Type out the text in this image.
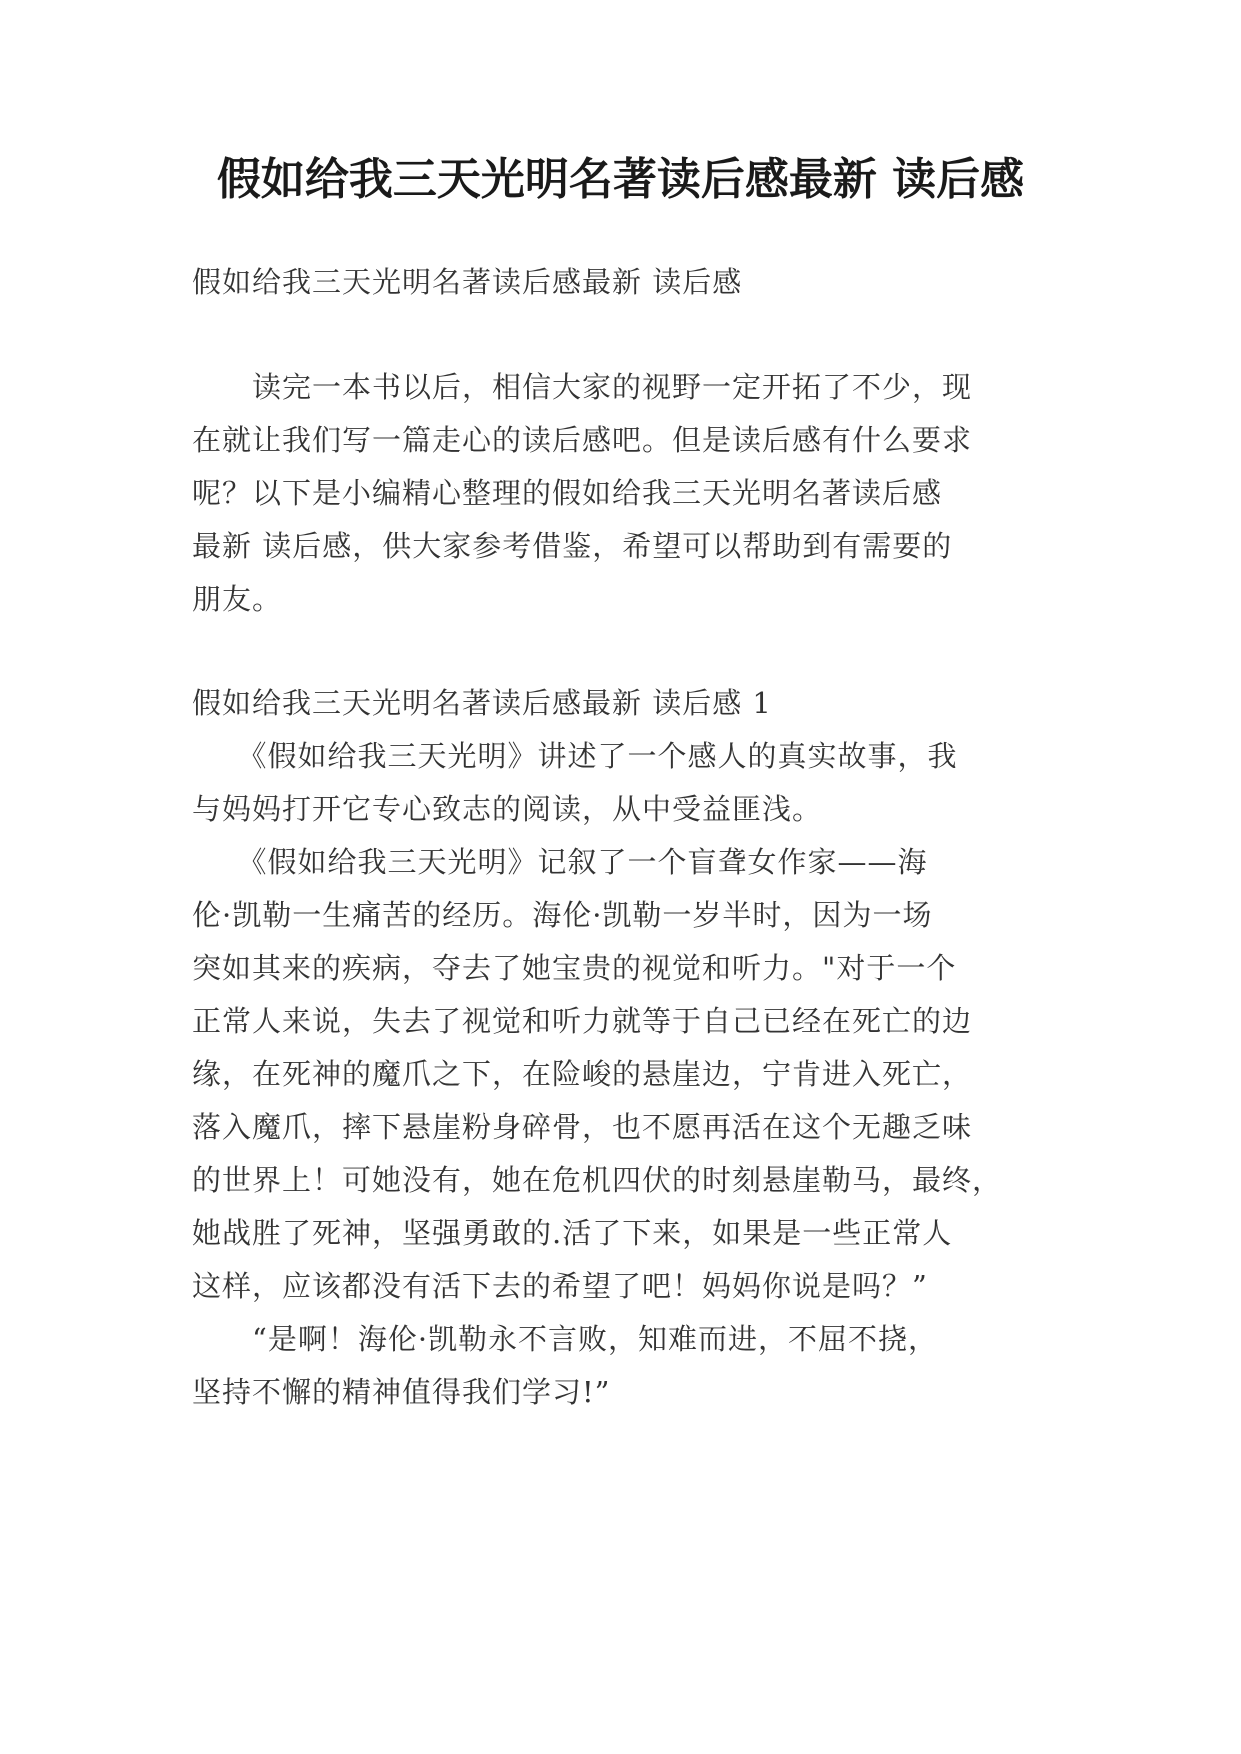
假如给我三天光明名著读后感最新 读后感
假如给我三天光明名著读后感最新 读后感
　　读完一本书以后，相信大家的视野一定开拓了不少，现
在就让我们写一篇走心的读后感吧。但是读后感有什么要求
呢？以下是小编精心整理的假如给我三天光明名著读后感
最新 读后感，供大家参考借鉴，希望可以帮助到有需要的
朋友。
假如给我三天光明名著读后感最新 读后感 1
　　《假如给我三天光明》讲述了一个感人的真实故事，我
与妈妈打开它专心致志的阅读，从中受益匪浅。
　　《假如给我三天光明》记叙了一个盲聋女作家——海
伦·凯勒一生痛苦的经历。海伦·凯勒一岁半时，因为一场
突如其来的疾病，夺去了她宝贵的视觉和听力。"对于一个
正常人来说，失去了视觉和听力就等于自己已经在死亡的边
缘，在死神的魔爪之下，在险峻的悬崖边，宁肯进入死亡，
落入魔爪，摔下悬崖粉身碎骨，也不愿再活在这个无趣乏味
的世界上！可她没有，她在危机四伏的时刻悬崖勒马，最终，
她战胜了死神，坚强勇敢的.活了下来，如果是一些正常人
这样，应该都没有活下去的希望了吧！妈妈你说是吗？”
　　“是啊！海伦·凯勒永不言败，知难而进，不屈不挠，
坚持不懈的精神值得我们学习!”
